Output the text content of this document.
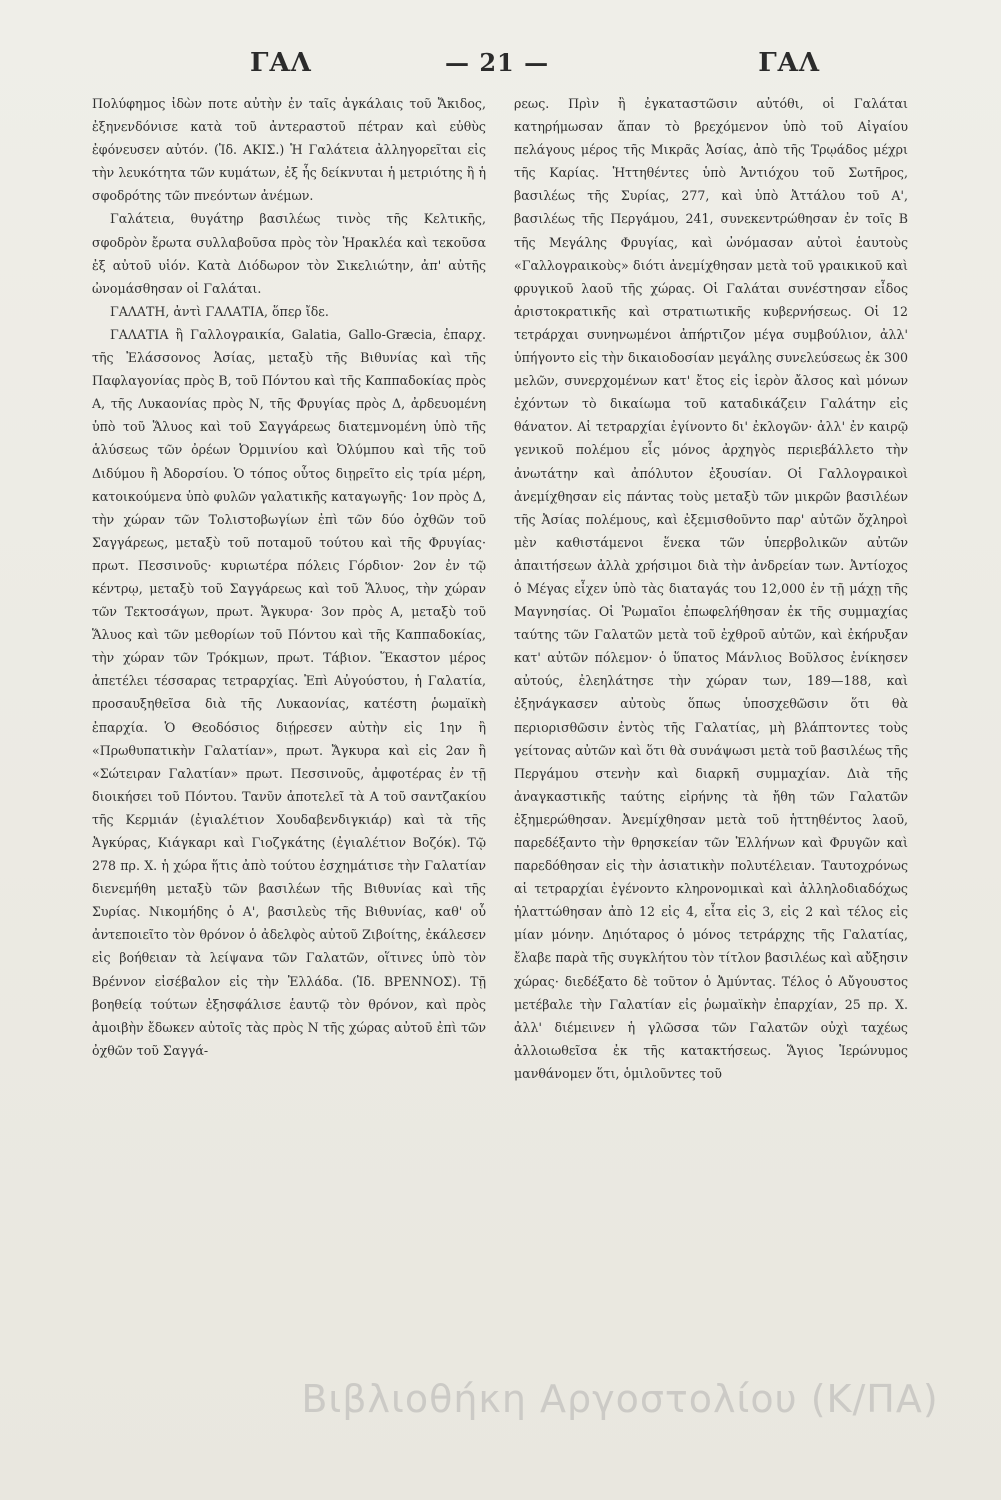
ΓΑΛ	— 21 —	ΓΑΛ

Πολύφημος ἰδὼν ποτε αὐτὴν ἐν ταῖς ἀγκάλαις τοῦ Ἄκιδος, ἐξηνενδόνισε κατὰ τοῦ ἀντεραστοῦ πέτραν καὶ εὐθὺς ἐφόνευσεν αὐτόν. (Ἰδ. ΑΚΙΣ.) Ἡ Γαλάτεια ἀλληγορεῖται εἰς τὴν λευκότητα τῶν κυμάτων, ἐξ ἧς δείκνυται ἡ μετριότης ἢ ἡ σφοδρότης τῶν πνεόντων ἀνέμων.

Γαλάτεια, θυγάτηρ βασιλέως τινὸς τῆς Κελτικῆς, σφοδρὸν ἔρωτα συλλαβοῦσα πρὸς τὸν Ἡρακλέα καὶ τεκοῦσα ἐξ αὐτοῦ υἱόν. Κατὰ Διόδωρον τὸν Σικελιώτην, ἀπ' αὐτῆς ὠνομάσθησαν οἱ Γαλάται.

ΓΑΛΑΤΗ, ἀντὶ ΓΑΛΑΤΙΑ, ὅπερ ἴδε.

ΓΑΛΑΤΙΑ ἢ Γαλλογραικία, Galatia, Gallo-Græcia, ἐπαρχ. τῆς Ἐλάσσονος Ἀσίας, μεταξὺ τῆς Βιθυνίας καὶ τῆς Παφλαγονίας πρὸς Β, τοῦ Πόντου καὶ τῆς Καππαδοκίας πρὸς Α, τῆς Λυκαονίας πρὸς Ν, τῆς Φρυγίας πρὸς Δ, ἀρδευομένη ὑπὸ τοῦ Ἅλυος καὶ τοῦ Σαγγάρεως διατεμνομένη ὑπὸ τῆς ἁλύσεως τῶν ὀρέων Ὀρμινίου καὶ Ὀλύμπου καὶ τῆς τοῦ Διδύμου ἢ Ἀδορσίου. Ὁ τόπος οὗτος διῃρεῖτο εἰς τρία μέρη, κατοικούμενα ὑπὸ φυλῶν γαλατικῆς καταγωγῆς· 1ον πρὸς Δ, τὴν χώραν τῶν Τολιστοβωγίων ἐπὶ τῶν δύο ὀχθῶν τοῦ Σαγγάρεως, μεταξὺ τοῦ ποταμοῦ τούτου καὶ τῆς Φρυγίας· πρωτ. Πεσσινοῦς· κυριωτέρα πόλεις Γόρδιον· 2ον ἐν τῷ κέντρῳ, μεταξὺ τοῦ Σαγγάρεως καὶ τοῦ Ἅλυος, τὴν χώραν τῶν Τεκτοσάγων, πρωτ. Ἄγκυρα· 3ον πρὸς Α, μεταξὺ τοῦ Ἅλυος καὶ τῶν μεθορίων τοῦ Πόντου καὶ τῆς Καππαδοκίας, τὴν χώραν τῶν Τρόκμων, πρωτ. Τάβιον. Ἕκαστον μέρος ἀπετέλει τέσσαρας τετραρχίας. Ἐπὶ Αὐγούστου, ἡ Γαλατία, προσαυξηθεῖσα διὰ τῆς Λυκαονίας, κατέστη ῥωμαϊκὴ ἐπαρχία. Ὁ Θεοδόσιος διῄρεσεν αὐτὴν εἰς 1ην ἢ «Πρωθυπατικὴν Γαλατίαν», πρωτ. Ἄγκυρα καὶ εἰς 2αν ἢ «Σώτειραν Γαλατίαν» πρωτ. Πεσσινοῦς, ἀμφοτέρας ἐν τῇ διοικήσει τοῦ Πόντου. Τανῦν ἀποτελεῖ τὰ Α τοῦ σαντζακίου τῆς Κερμιάν (ἐγιαλέτιον Χουδαβενδιγκιάρ) καὶ τὰ τῆς Ἀγκύρας, Κιάγκαρι καὶ Γιοζγκάτης (ἐγιαλέτιον Βοζόκ). Τῷ 278 πρ. Χ. ἡ χώρα ἥτις ἀπὸ τούτου ἐσχημάτισε τὴν Γαλατίαν διενεμήθη μεταξὺ τῶν βασιλέων τῆς Βιθυνίας καὶ τῆς Συρίας. Νικομήδης ὁ Α', βασιλεὺς τῆς Βιθυνίας, καθ' οὗ ἀντεποιεῖτο τὸν θρόνον ὁ ἀδελφὸς αὐτοῦ Ζιβοίτης, ἐκάλεσεν εἰς βοήθειαν τὰ λείψανα τῶν Γαλατῶν, οἵτινες ὑπὸ τὸν Βρέννον εἰσέβαλον εἰς τὴν Ἑλλάδα. (Ἰδ. ΒΡΕΝΝΟΣ). Τῇ βοηθείᾳ τούτων ἐξησφάλισε ἑαυτῷ τὸν θρόνον, καὶ πρὸς ἀμοιβὴν ἔδωκεν αὐτοῖς τὰς πρὸς Ν τῆς χώρας αὐτοῦ ἐπὶ τῶν ὀχθῶν τοῦ Σαγγά-

ρεως. Πρὶν ἢ ἐγκαταστῶσιν αὐτόθι, οἱ Γαλάται κατηρήμωσαν ἅπαν τὸ βρεχόμενον ὑπὸ τοῦ Αἰγαίου πελάγους μέρος τῆς Μικρᾶς Ἀσίας, ἀπὸ τῆς Τρῳάδος μέχρι τῆς Καρίας. Ἡττηθέντες ὑπὸ Ἀντιόχου τοῦ Σωτῆρος, βασιλέως τῆς Συρίας, 277, καὶ ὑπὸ Ἀττάλου τοῦ Α', βασιλέως τῆς Περγάμου, 241, συνεκεντρώθησαν ἐν τοῖς Β τῆς Μεγάλης Φρυγίας, καὶ ὠνόμασαν αὐτοὶ ἑαυτοὺς «Γαλλογραικοὺς» διότι ἀνεμίχθησαν μετὰ τοῦ γραικικοῦ καὶ φρυγικοῦ λαοῦ τῆς χώρας. Οἱ Γαλάται συνέστησαν εἶδος ἀριστοκρατικῆς καὶ στρατιωτικῆς κυβερνήσεως. Οἱ 12 τετράρχαι συνηνωμένοι ἀπήρτιζον μέγα συμβούλιον, ἀλλ' ὑπήγοντο εἰς τὴν δικαιοδοσίαν μεγάλης συνελεύσεως ἐκ 300 μελῶν, συνερχομένων κατ' ἔτος εἰς ἱερὸν ἄλσος καὶ μόνων ἐχόντων τὸ δικαίωμα τοῦ καταδικάζειν Γαλάτην εἰς θάνατον. Αἱ τετραρχίαι ἐγίνοντο δι' ἐκλογῶν· ἀλλ' ἐν καιρῷ γενικοῦ πολέμου εἷς μόνος ἀρχηγὸς περιεβάλλετο τὴν ἀνωτάτην καὶ ἀπόλυτον ἐξουσίαν. Οἱ Γαλλογραικοὶ ἀνεμίχθησαν εἰς πάντας τοὺς μεταξὺ τῶν μικρῶν βασιλέων τῆς Ἀσίας πολέμους, καὶ ἐξεμισθοῦντο παρ' αὐτῶν ὄχληροὶ μὲν καθιστάμενοι ἕνεκα τῶν ὑπερβολικῶν αὐτῶν ἀπαιτήσεων ἀλλὰ χρήσιμοι διὰ τὴν ἀνδρείαν των. Ἀντίοχος ὁ Μέγας εἶχεν ὑπὸ τὰς διαταγάς του 12,000 ἐν τῇ μάχῃ τῆς Μαγνησίας. Οἱ Ῥωμαῖοι ἐπωφελήθησαν ἐκ τῆς συμμαχίας ταύτης τῶν Γαλατῶν μετὰ τοῦ ἐχθροῦ αὐτῶν, καὶ ἐκήρυξαν κατ' αὐτῶν πόλεμον· ὁ ὕπατος Μάνλιος Βοῦλσος ἐνίκησεν αὐτούς, ἐλεηλάτησε τὴν χώραν των, 189—188, καὶ ἐξηνάγκασεν αὐτοὺς ὅπως ὑποσχεθῶσιν ὅτι θὰ περιορισθῶσιν ἐντὸς τῆς Γαλατίας, μὴ βλάπτοντες τοὺς γείτονας αὐτῶν καὶ ὅτι θὰ συνάψωσι μετὰ τοῦ βασιλέως τῆς Περγάμου στενὴν καὶ διαρκῆ συμμαχίαν. Διὰ τῆς ἀναγκαστικῆς ταύτης εἰρήνης τὰ ἤθη τῶν Γαλατῶν ἐξημερώθησαν. Ἀνεμίχθησαν μετὰ τοῦ ἡττηθέντος λαοῦ, παρεδέξαντο τὴν θρησκείαν τῶν Ἑλλήνων καὶ Φρυγῶν καὶ παρεδόθησαν εἰς τὴν ἀσιατικὴν πολυτέλειαν. Ταυτοχρόνως αἱ τετραρχίαι ἐγένοντο κληρονομικαὶ καὶ ἀλληλοδιαδόχως ἠλαττώθησαν ἀπὸ 12 εἰς 4, εἶτα εἰς 3, εἰς 2 καὶ τέλος εἰς μίαν μόνην. Δηιόταρος ὁ μόνος τετράρχης τῆς Γαλατίας, ἔλαβε παρὰ τῆς συγκλήτου τὸν τίτλον βασιλέως καὶ αὔξησιν χώρας· διεδέξατο δὲ τοῦτον ὁ Ἀμύντας. Τέλος ὁ Αὔγουστος μετέβαλε τὴν Γαλατίαν εἰς ῥωμαϊκὴν ἐπαρχίαν, 25 πρ. Χ. ἀλλ' διέμεινεν ἡ γλῶσσα τῶν Γαλατῶν οὐχὶ ταχέως ἀλλοιωθεῖσα ἐκ τῆς κατακτήσεως. Ἅγιος Ἱερώνυμος μανθάνομεν ὅτι, ὁμιλοῦντες τοῦ

Βιβλιοθήκη Αργοστολίου (Κ/ΠΑ)
